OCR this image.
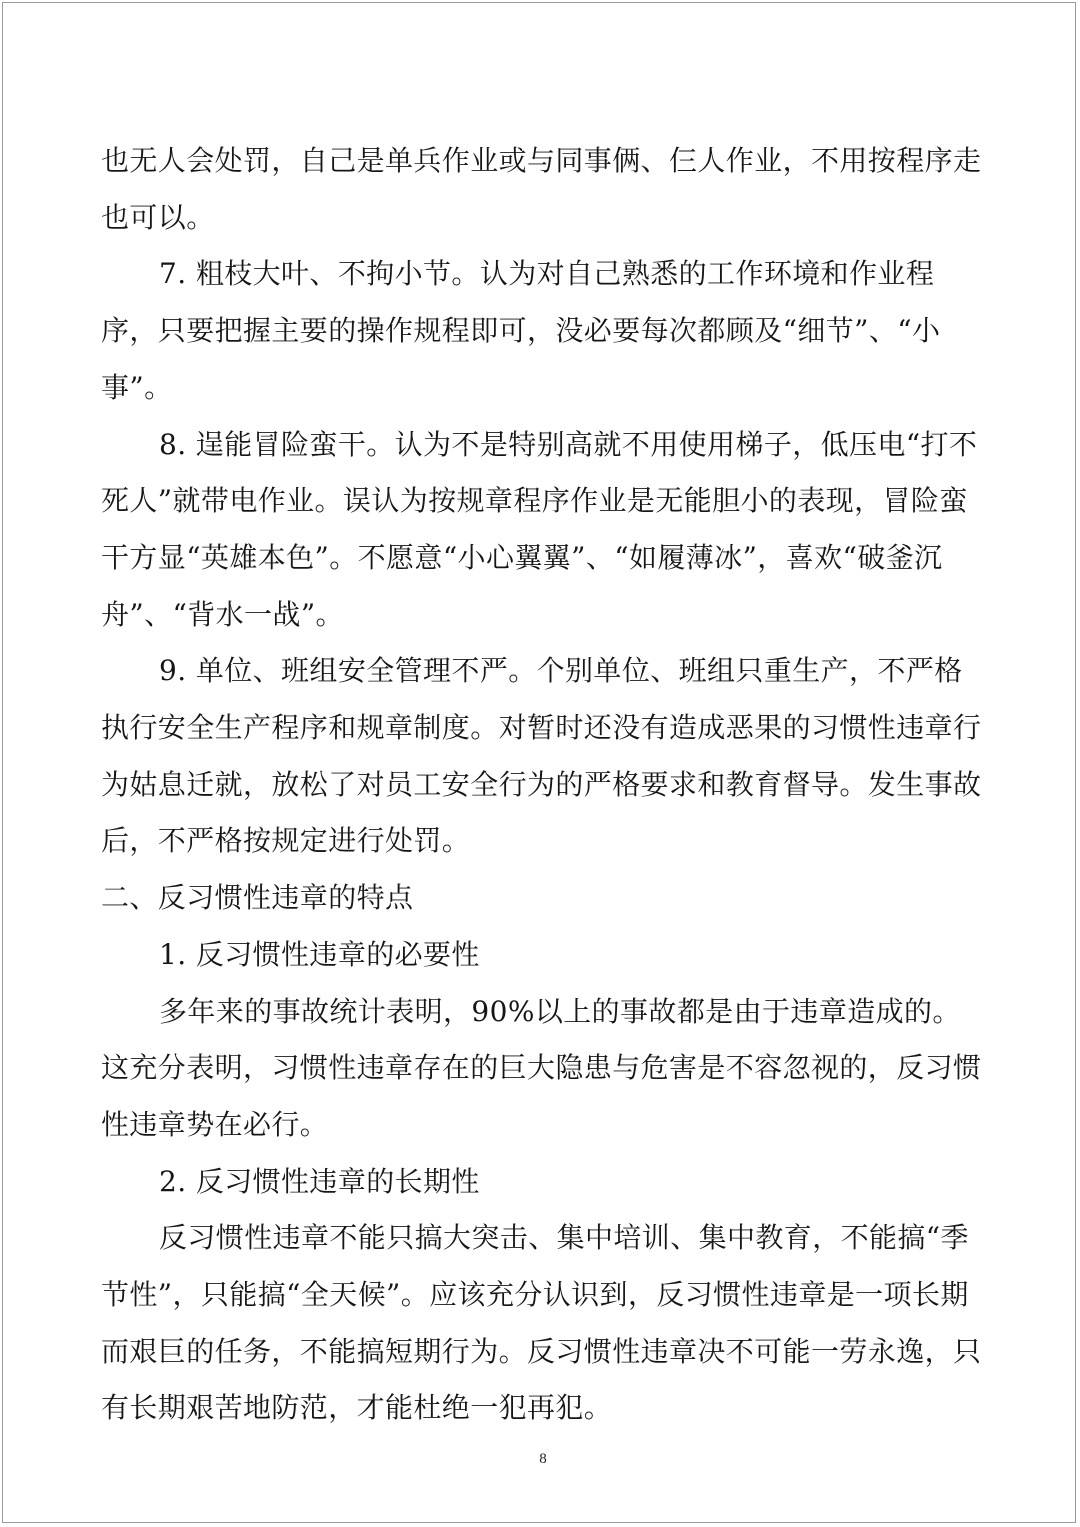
也无人会处罚，自己是单兵作业或与同事俩、仨人作业，不用按程序走也可以。

7. 粗枝大叶、不拘小节。认为对自己熟悉的工作环境和作业程序，只要把握主要的操作规程即可，没必要每次都顾及“细节”、“小事”。

8. 逞能冒险蛮干。认为不是特别高就不用使用梯子，低压电“打不死人”就带电作业。误认为按规章程序作业是无能胆小的表现，冒险蛮干方显“英雄本色”。不愿意“小心翼翼”、“如履薄冰”，喜欢“破釜沉舟”、“背水一战”。

9. 单位、班组安全管理不严。个别单位、班组只重生产，不严格执行安全生产程序和规章制度。对暂时还没有造成恶果的习惯性违章行为姑息迁就，放松了对员工安全行为的严格要求和教育督导。发生事故后，不严格按规定进行处罚。

二、反习惯性违章的特点

1. 反习惯性违章的必要性

多年来的事故统计表明，90%以上的事故都是由于违章造成的。这充分表明，习惯性违章存在的巨大隐患与危害是不容忽视的，反习惯性违章势在必行。

2. 反习惯性违章的长期性

反习惯性违章不能只搞大突击、集中培训、集中教育，不能搞“季节性”，只能搞“全天候”。应该充分认识到，反习惯性违章是一项长期而艰巨的任务，不能搞短期行为。反习惯性违章决不可能一劳永逸，只有长期艰苦地防范，才能杜绝一犯再犯。

8
